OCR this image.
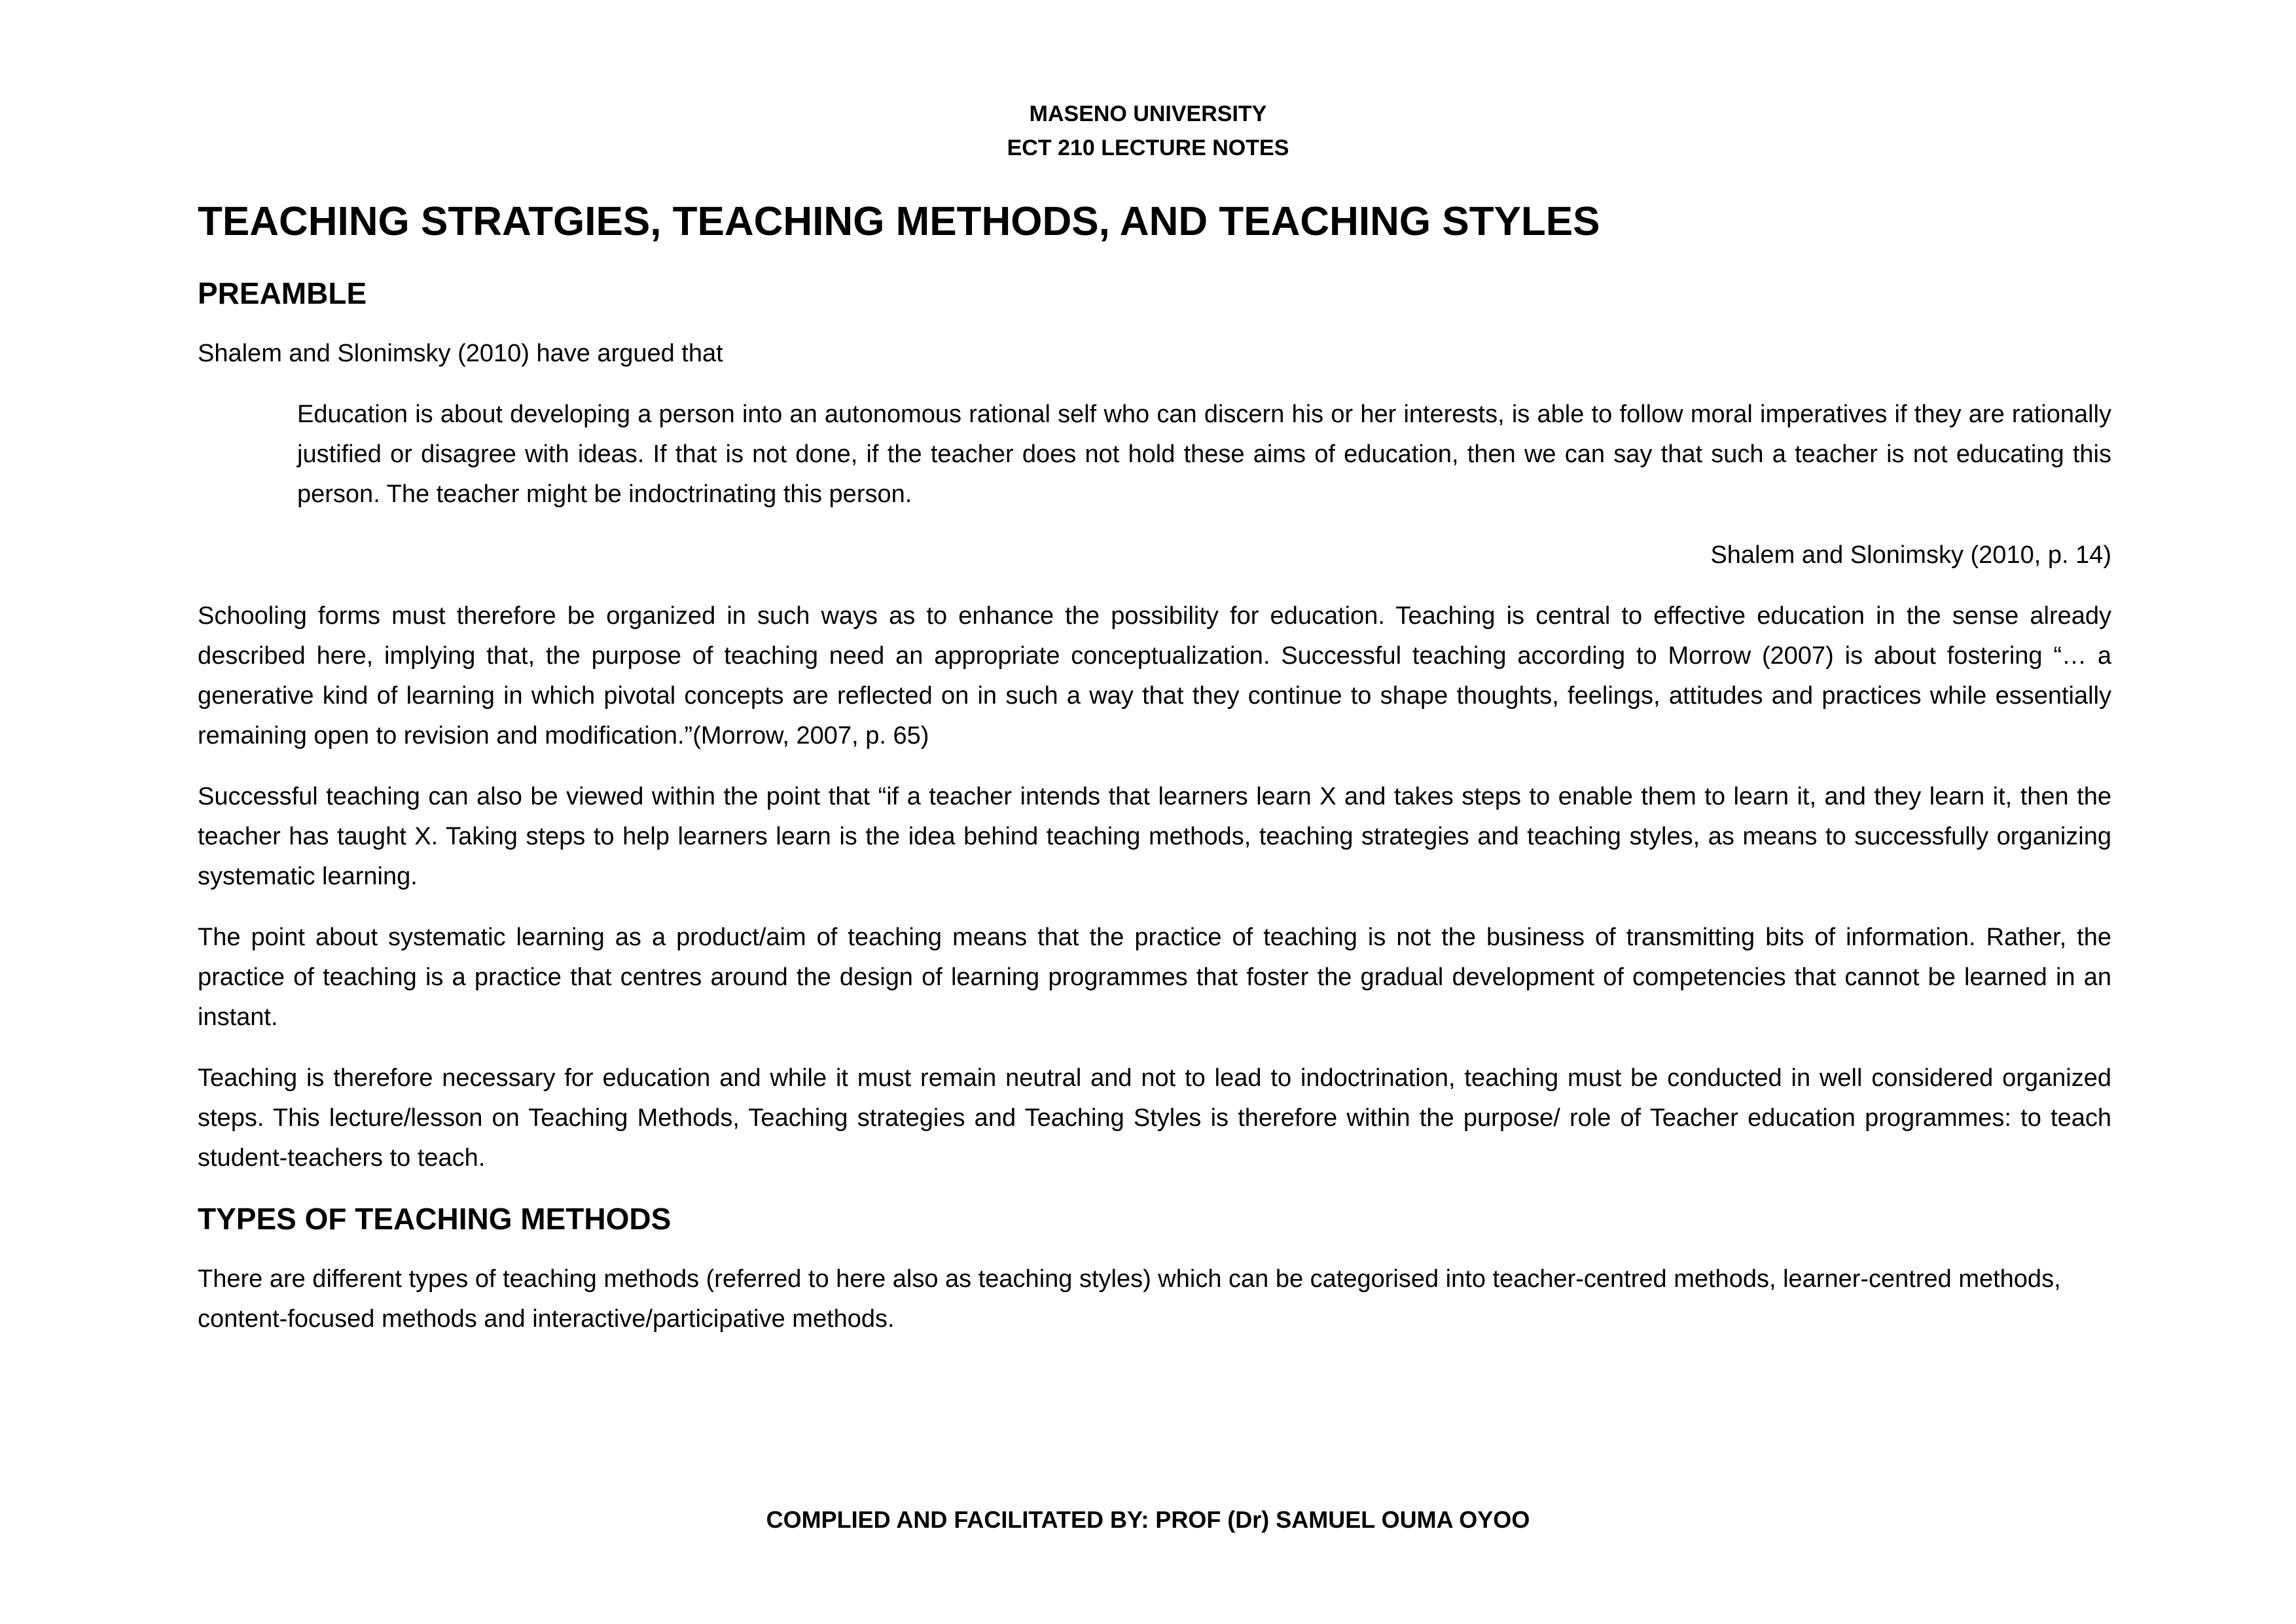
MASENO UNIVERSITY
ECT 210 LECTURE NOTES
TEACHING STRATGIES, TEACHING METHODS, AND TEACHING STYLES
PREAMBLE

Shalem and Slonimsky (2010) have argued that

Education is about developing a person into an autonomous rational self who can discern his or her interests, is able to follow moral imperatives if they are rationally justified or disagree with ideas. If that is not done, if the teacher does not hold these aims of education, then we can say that such a teacher is not educating this person. The teacher might be indoctrinating this person.

Shalem and Slonimsky (2010, p. 14)

Schooling forms must therefore be organized in such ways as to enhance the possibility for education. Teaching is central to effective education in the sense already described here, implying that, the purpose of teaching need an appropriate conceptualization. Successful teaching according to Morrow (2007) is about fostering “… a generative kind of learning in which pivotal concepts are reflected on in such a way that they continue to shape thoughts, feelings, attitudes and practices while essentially remaining open to revision and modification.”(Morrow, 2007, p. 65)

Successful teaching can also be viewed within the point that “if a teacher intends that learners learn X and takes steps to enable them to learn it, and they learn it, then the teacher has taught X. Taking steps to help learners learn is the idea behind teaching methods, teaching strategies and teaching styles, as means to successfully organizing systematic learning.

The point about systematic learning as a product/aim of teaching means that the practice of teaching is not the business of transmitting bits of information. Rather, the practice of teaching is a practice that centres around the design of learning programmes that foster the gradual development of competencies that cannot be learned in an instant.

Teaching is therefore necessary for education and while it must remain neutral and not to lead to indoctrination, teaching must be conducted in well considered organized steps. This lecture/lesson on Teaching Methods, Teaching strategies and Teaching Styles is therefore within the purpose/ role of Teacher education programmes: to teach student-teachers to teach.

TYPES OF TEACHING METHODS

There are different types of teaching methods (referred to here also as teaching styles) which can be categorised into teacher-centred methods, learner-centred methods, content-focused methods and interactive/participative methods.

COMPLIED AND FACILITATED BY: PROF (Dr) SAMUEL OUMA OYOO
